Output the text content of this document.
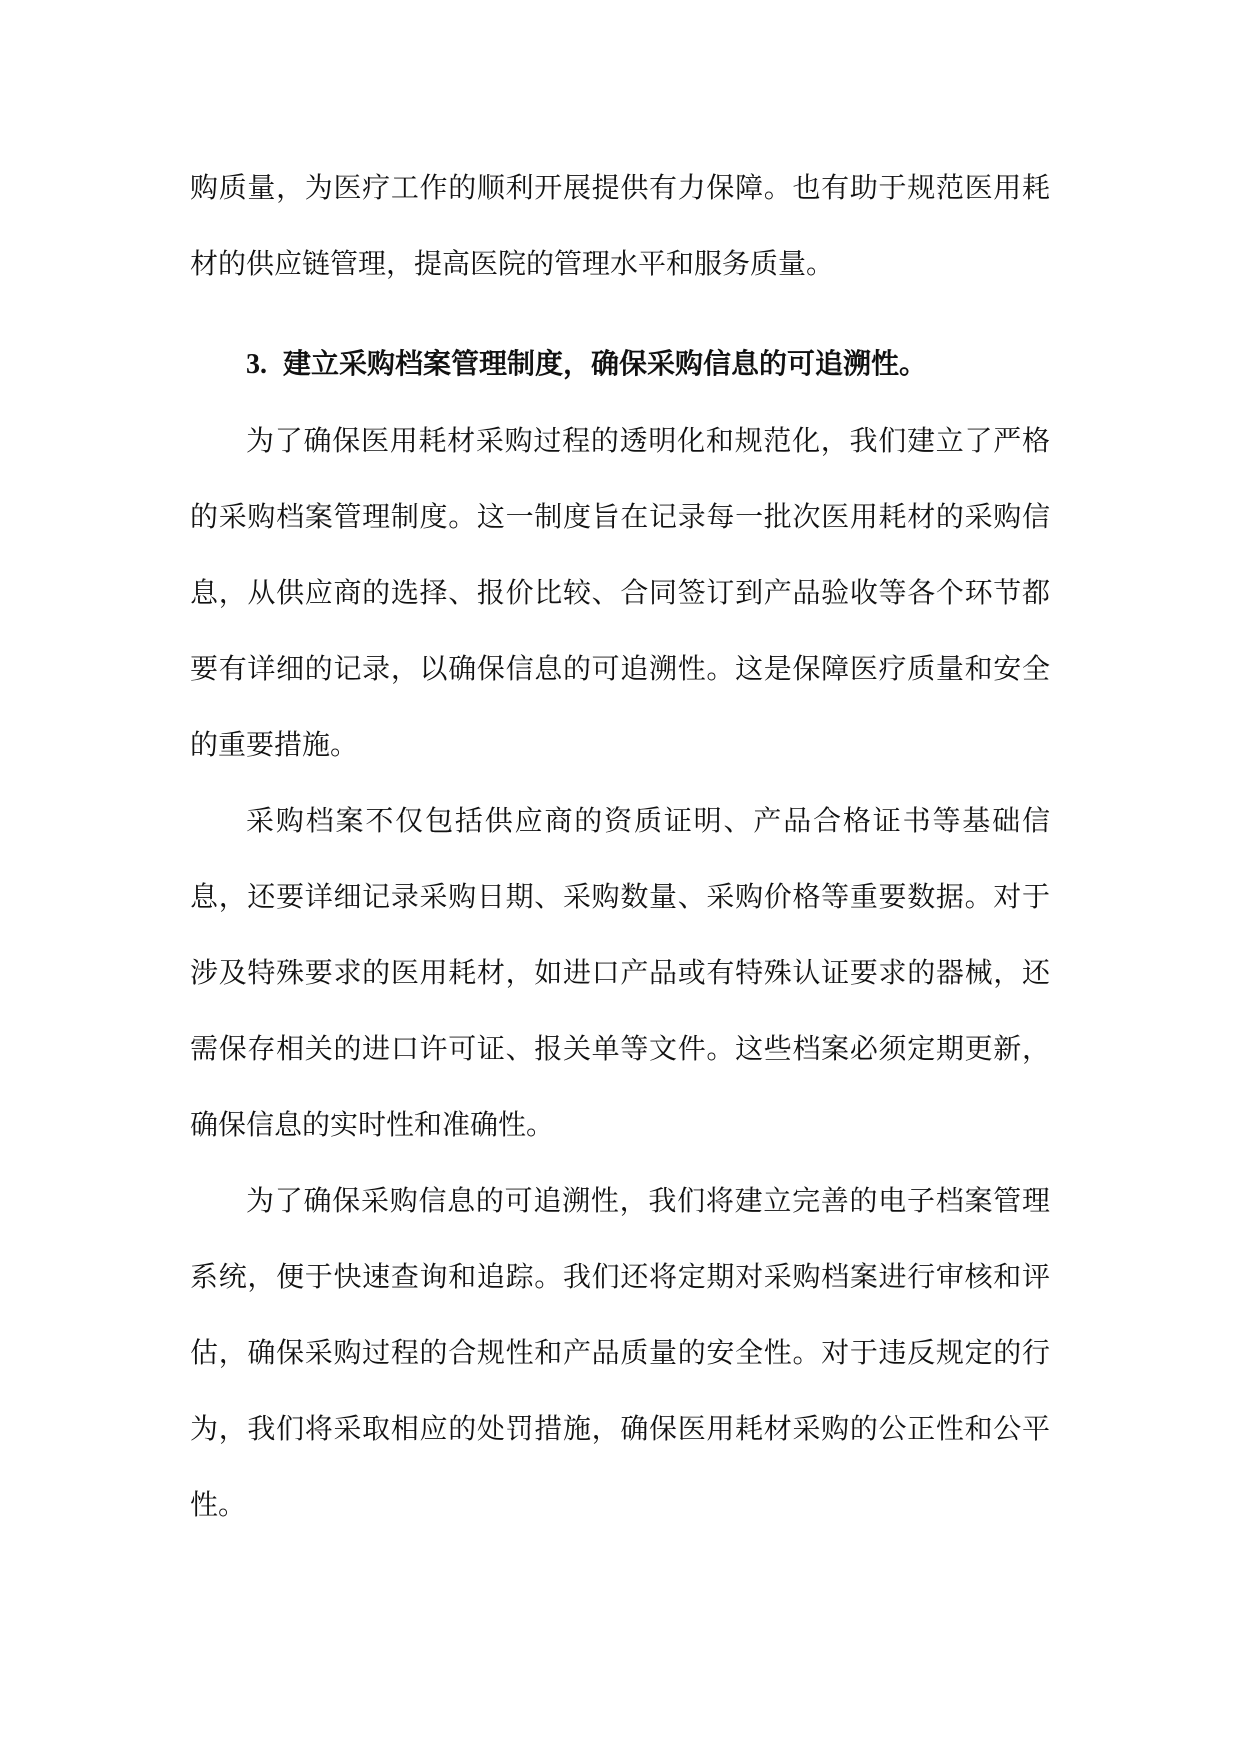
购质量，为医疗工作的顺利开展提供有力保障。也有助于规范医用耗材的供应链管理，提高医院的管理水平和服务质量。

3. 建立采购档案管理制度，确保采购信息的可追溯性。

为了确保医用耗材采购过程的透明化和规范化，我们建立了严格的采购档案管理制度。这一制度旨在记录每一批次医用耗材的采购信息，从供应商的选择、报价比较、合同签订到产品验收等各个环节都要有详细的记录，以确保信息的可追溯性。这是保障医疗质量和安全的重要措施。

采购档案不仅包括供应商的资质证明、产品合格证书等基础信息，还要详细记录采购日期、采购数量、采购价格等重要数据。对于涉及特殊要求的医用耗材，如进口产品或有特殊认证要求的器械，还需保存相关的进口许可证、报关单等文件。这些档案必须定期更新，确保信息的实时性和准确性。

为了确保采购信息的可追溯性，我们将建立完善的电子档案管理系统，便于快速查询和追踪。我们还将定期对采购档案进行审核和评估，确保采购过程的合规性和产品质量的安全性。对于违反规定的行为，我们将采取相应的处罚措施，确保医用耗材采购的公正性和公平性。
